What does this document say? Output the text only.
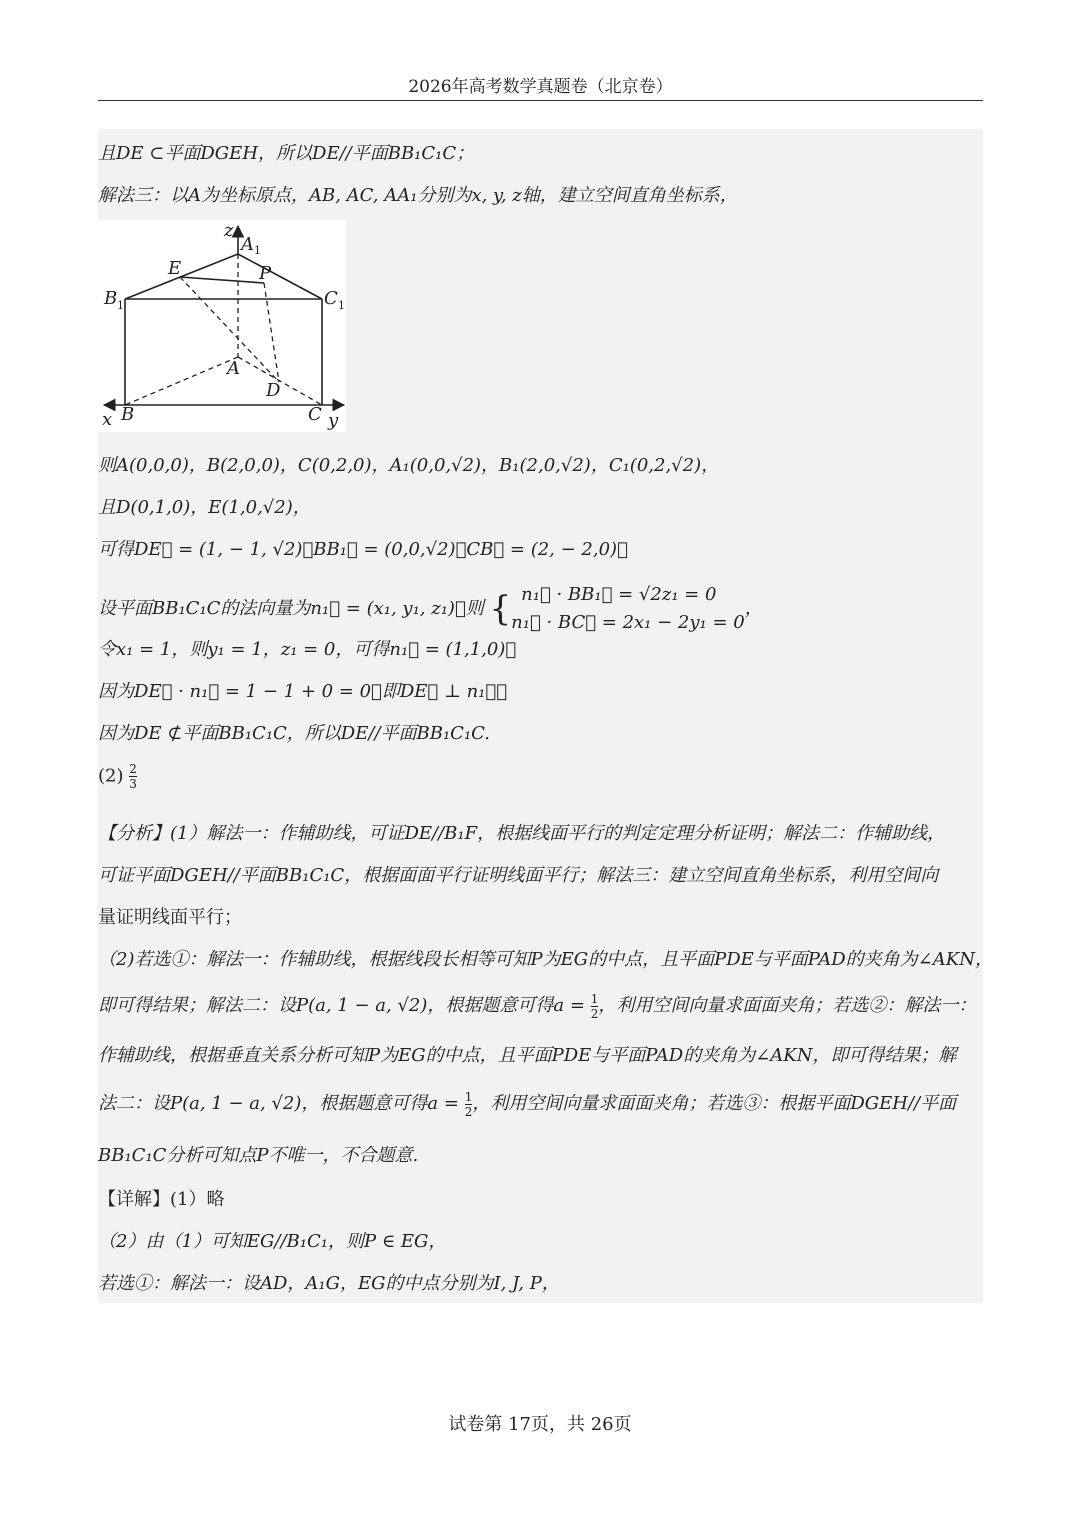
2026年高考数学真题卷（北京卷）
且DE ⊂平面DGEH，所以DE//平面BB₁C₁C；
解法三：以A为坐标原点，AB, AC, AA₁分别为x, y, z轴，建立空间直角坐标系，
z
A 1
E	P
B 1	C 1
A
D
x B	C y
则A(0,0,0)，B(2,0,0)，C(0,2,0)，A₁(0,0,√2)，B₁(2,0,√2)，C₁(0,2,√2)，
且D(0,1,0)，E(1,0,√2)，
可得DE⃗ = (1, − 1, √2)，BB₁⃗ = (0,0,√2)，CB⃗ = (2, − 2,0)，
设平面BB₁C₁C的法向量为n₁⃗ = (x₁, y₁, z₁)，则 { n₁⃗ · BB₁⃗ = √2z₁ = 0
n₁⃗ · BC⃗ = 2x₁ − 2y₁ = 0
，
令x₁ = 1，则y₁ = 1，z₁ = 0，可得n₁⃗ = (1,1,0)，
因为DE⃗ · n₁⃗ = 1 − 1 + 0 = 0，即DE⃗ ⊥ n₁⃗，
因为DE ⊄平面BB₁C₁C，所以DE//平面BB₁C₁C.
$(2) \frac{2}{3}$
【分析】(1）解法一：作辅助线，可证DE//B₁F，根据线面平行的判定定理分析证明；解法二：作辅助线，
可证平面DGEH//平面BB₁C₁C，根据面面平行证明线面平行；解法三：建立空间直角坐标系，利用空间向
量证明线面平行；
（2)若选①：解法一：作辅助线，根据线段长相等可知P为EG的中点，且平面PDE与平面PAD的夹角为∠AKN，
即可得结果；解法二：设P(a, 1 − a, √2)，根据题意可得$a = \frac{1}{2}$ ，利用空间向量求面面夹角；若选②：解法一：
作辅助线，根据垂直关系分析可知P为EG的中点，且平面PDE与平面PAD的夹角为∠AKN，即可得结果；解
法二：设P(a, 1 − a, √2)，根据题意可得$a = \frac{1}{2}$ ，利用空间向量求面面夹角；若选③：根据平面DGEH//平面
BB₁C₁C分析可知点P不唯一，不合题意.
【详解】(1）略
（2）由（1）可知EG//B₁C₁，则P ∈ EG，
若选①：解法一：设AD，A₁G，EG的中点分别为I, J, P，
试卷第 17页，共 26页
